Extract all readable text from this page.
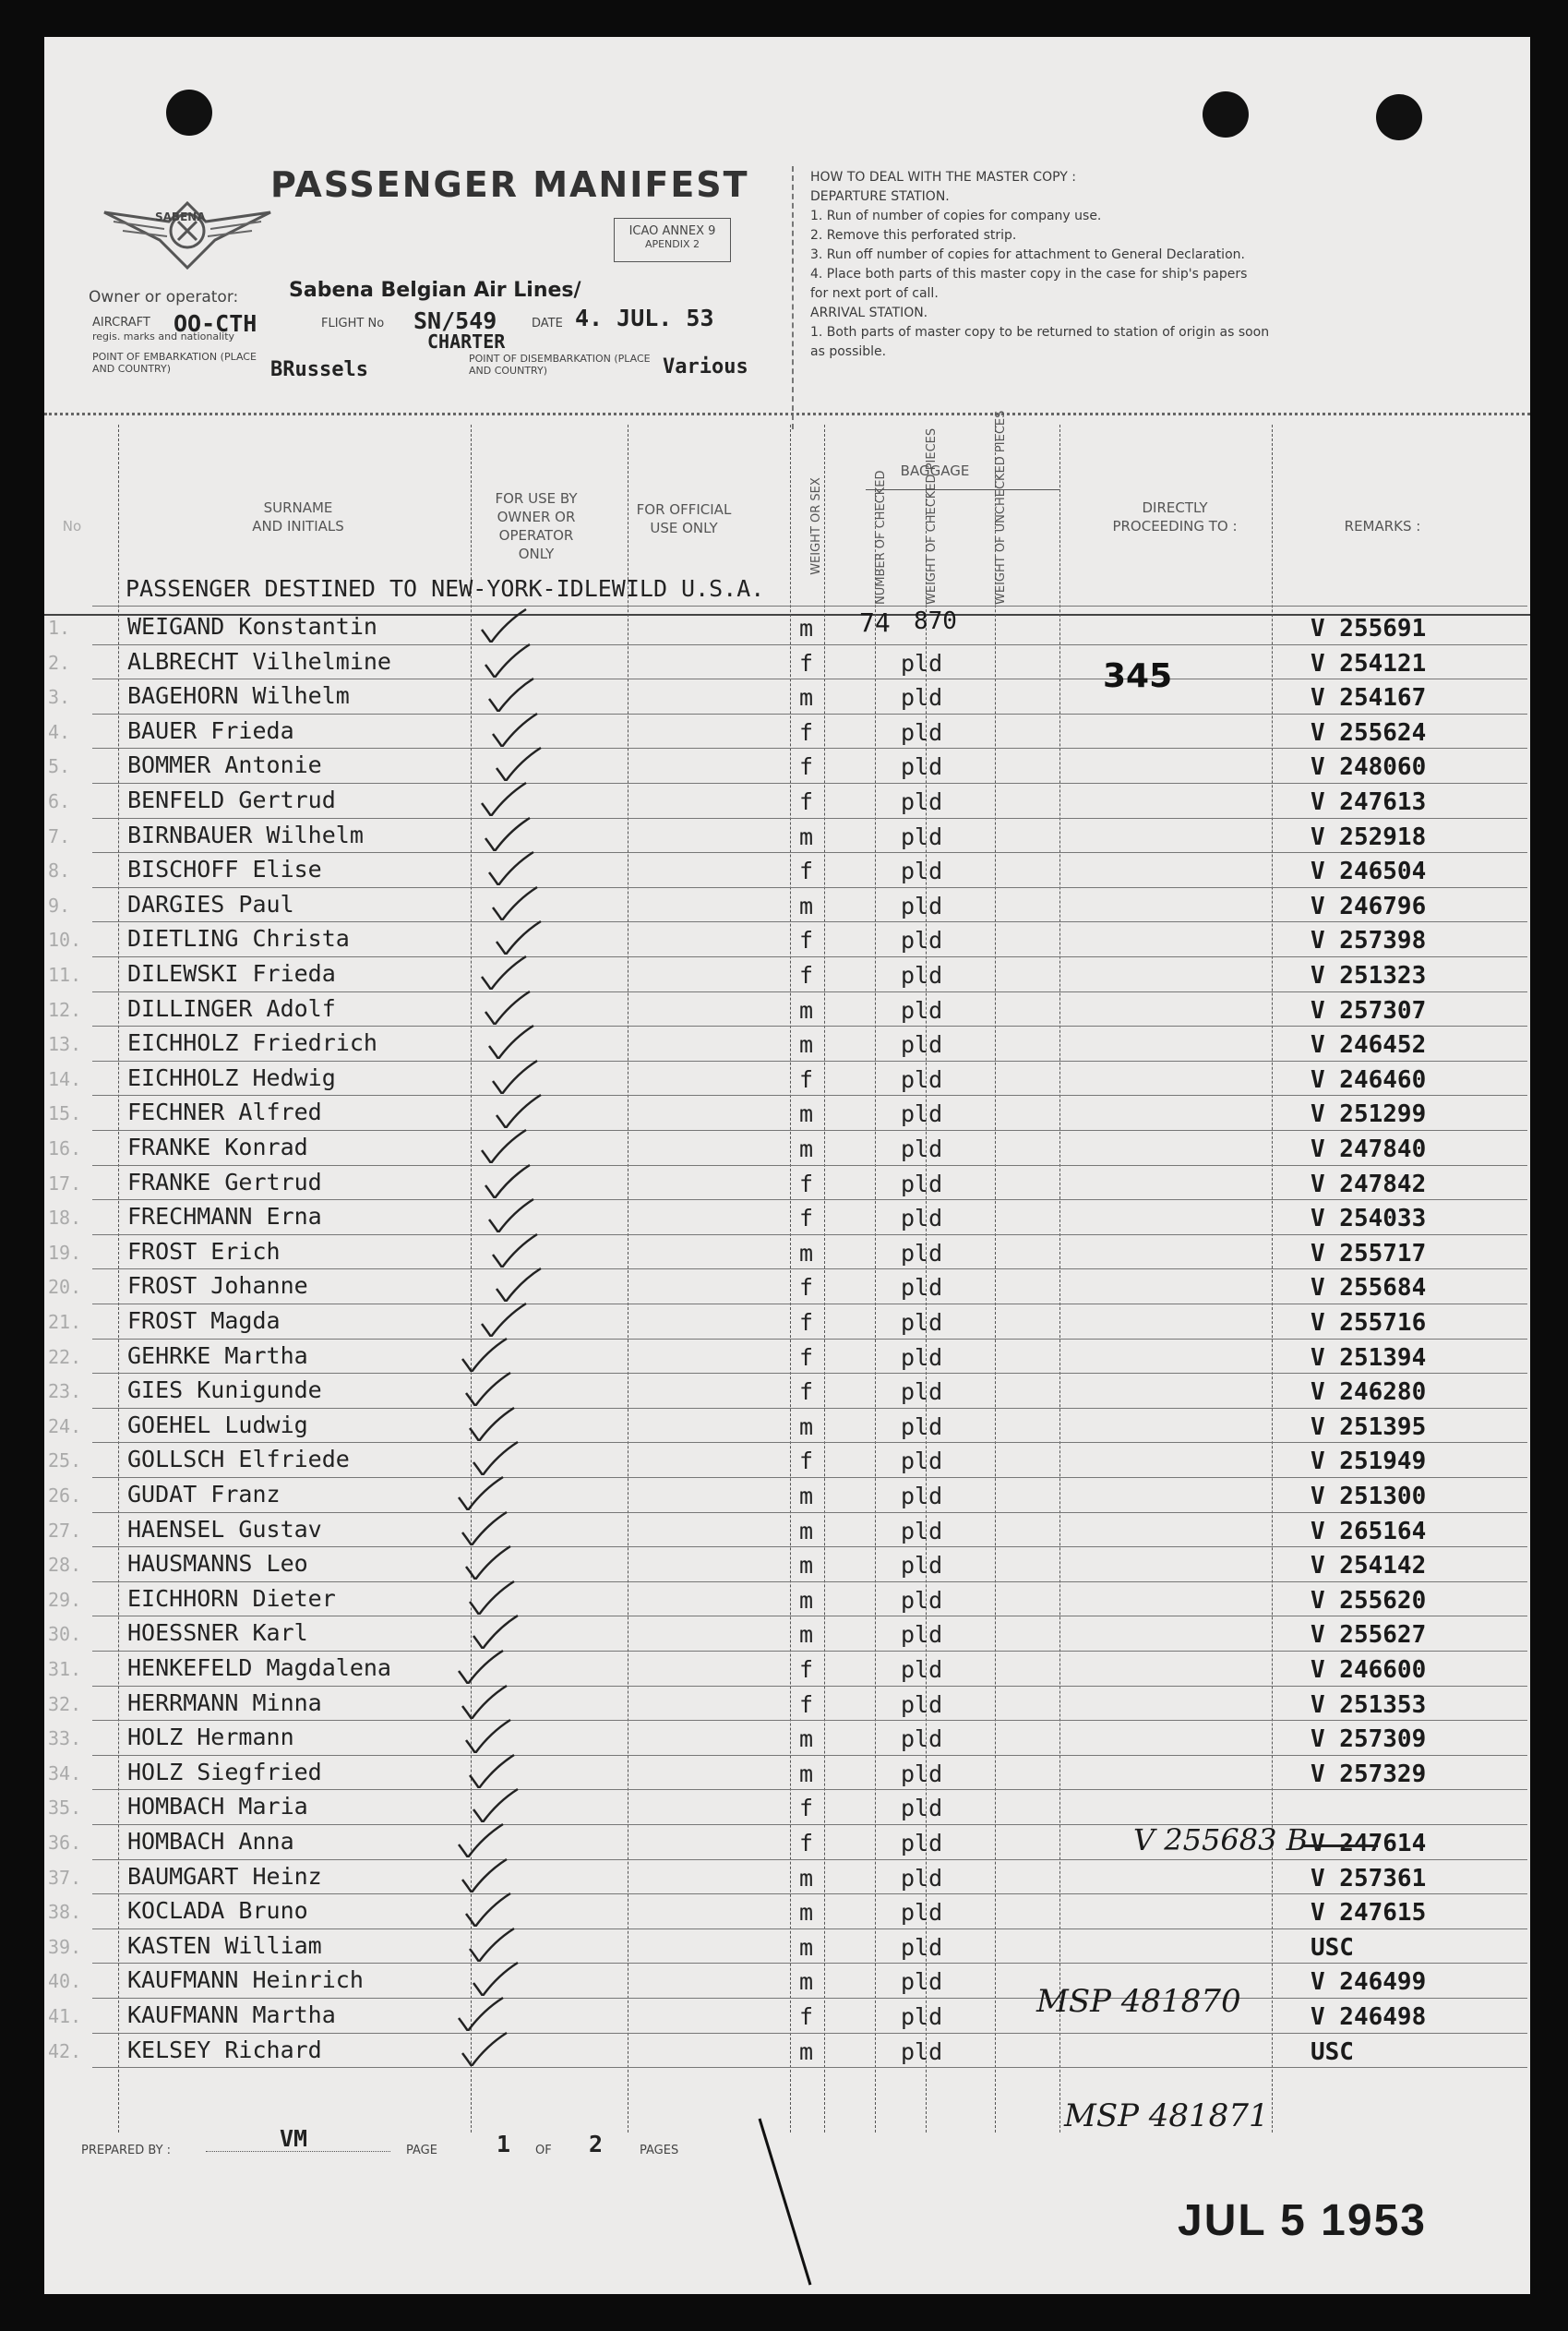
SABENA
PASSENGER MANIFEST
ICAO ANNEX 9
APENDIX 2
Owner or operator: Sabena Belgian Air Lines/
AIRCRAFT
regis. marks and nationality
OO-CTH	FLIGHT No SN/549
CHARTER
DATE 4. JUL. 53
POINT OF EMBARKATION (PLACE AND COUNTRY)	BRussels	POINT OF DISEMBARKATION (PLACE AND COUNTRY)	Various
HOW TO DEAL WITH THE MASTER COPY :
DEPARTURE STATION.
1. Run of number of copies for company use.
2. Remove this perforated strip.
3. Run off number of copies for attachment to General Declaration.
4. Place both parts of this master copy in the case for ship's papers
for next port of call.
ARRIVAL STATION.
1. Both parts of master copy to be returned to station of origin as soon
as possible.
No
SURNAME AND INITIALS
FOR USE BY OWNER OR OPERATOR ONLY
FOR OFFICIAL USE ONLY	WEIGHT OR SEX
BAGGAGE
NUMBER OF CHECKED	WEIGHT OF CHECKED PIECES	WEIGHT OF UNCHECKED PIECES	DIRECTLY PROCEEDING TO :	REMARKS :
PASSENGER DESTINED TO NEW-YORK-IDLEWILD U.S.A.
1. WEIGAND Konstantin	m	V 255691
2. ALBRECHT Vilhelmine	f	pld	V 254121
3. BAGEHORN Wilhelm	m	pld	V 254167
4. BAUER Frieda	f	pld	V 255624
5. BOMMER Antonie	f	pld	V 248060
6. BENFELD Gertrud	f	pld	V 247613
7. BIRNBAUER Wilhelm	m	pld	V 252918
8. BISCHOFF Elise	f	pld	V 246504
9. DARGIES Paul	m	pld	V 246796
10. DIETLING Christa	f	pld	V 257398
11. DILEWSKI Frieda	f	pld	V 251323
12. DILLINGER Adolf	m	pld	V 257307
13. EICHHOLZ Friedrich	m	pld	V 246452
14. EICHHOLZ Hedwig	f	pld	V 246460
15. FECHNER Alfred	m	pld	V 251299
16. FRANKE Konrad	m	pld	V 247840
17. FRANKE Gertrud	f	pld	V 247842
18. FRECHMANN Erna	f	pld	V 254033
19. FROST Erich	m	pld	V 255717
20. FROST Johanne	f	pld	V 255684
21. FROST Magda	f	pld	V 255716
22. GEHRKE Martha	f	pld	V 251394
23. GIES Kunigunde	f	pld	V 246280
24. GOEHEL Ludwig	m	pld	V 251395
25. GOLLSCH Elfriede	f	pld	V 251949
26. GUDAT Franz	m	pld	V 251300
27. HAENSEL Gustav	m	pld	V 265164
28. HAUSMANNS Leo	m	pld	V 254142
29. EICHHORN Dieter	m	pld	V 255620
30. HOESSNER Karl	m	pld	V 255627
31. HENKEFELD Magdalena	f	pld	V 246600
32. HERRMANN Minna	f	pld	V 251353
33. HOLZ Hermann	m	pld	V 257309
34. HOLZ Siegfried	m	pld	V 257329
35. HOMBACH Maria	f	pld
36. HOMBACH Anna	f	pld	V 247614
37. BAUMGART Heinz	m	pld	V 257361
38. KOCLADA Bruno	m	pld	V 247615
39. KASTEN William	m	pld	USC
40. KAUFMANN Heinrich	m	pld	V 246499
41. KAUFMANN Martha	f	pld	V 246498
42. KELSEY Richard	m	pld	USC
74 870
345
V 255683 B
MSP 481870
MSP 481871
PREPARED BY :	VM	PAGE	1 OF 2	PAGES
JUL 5 1953
